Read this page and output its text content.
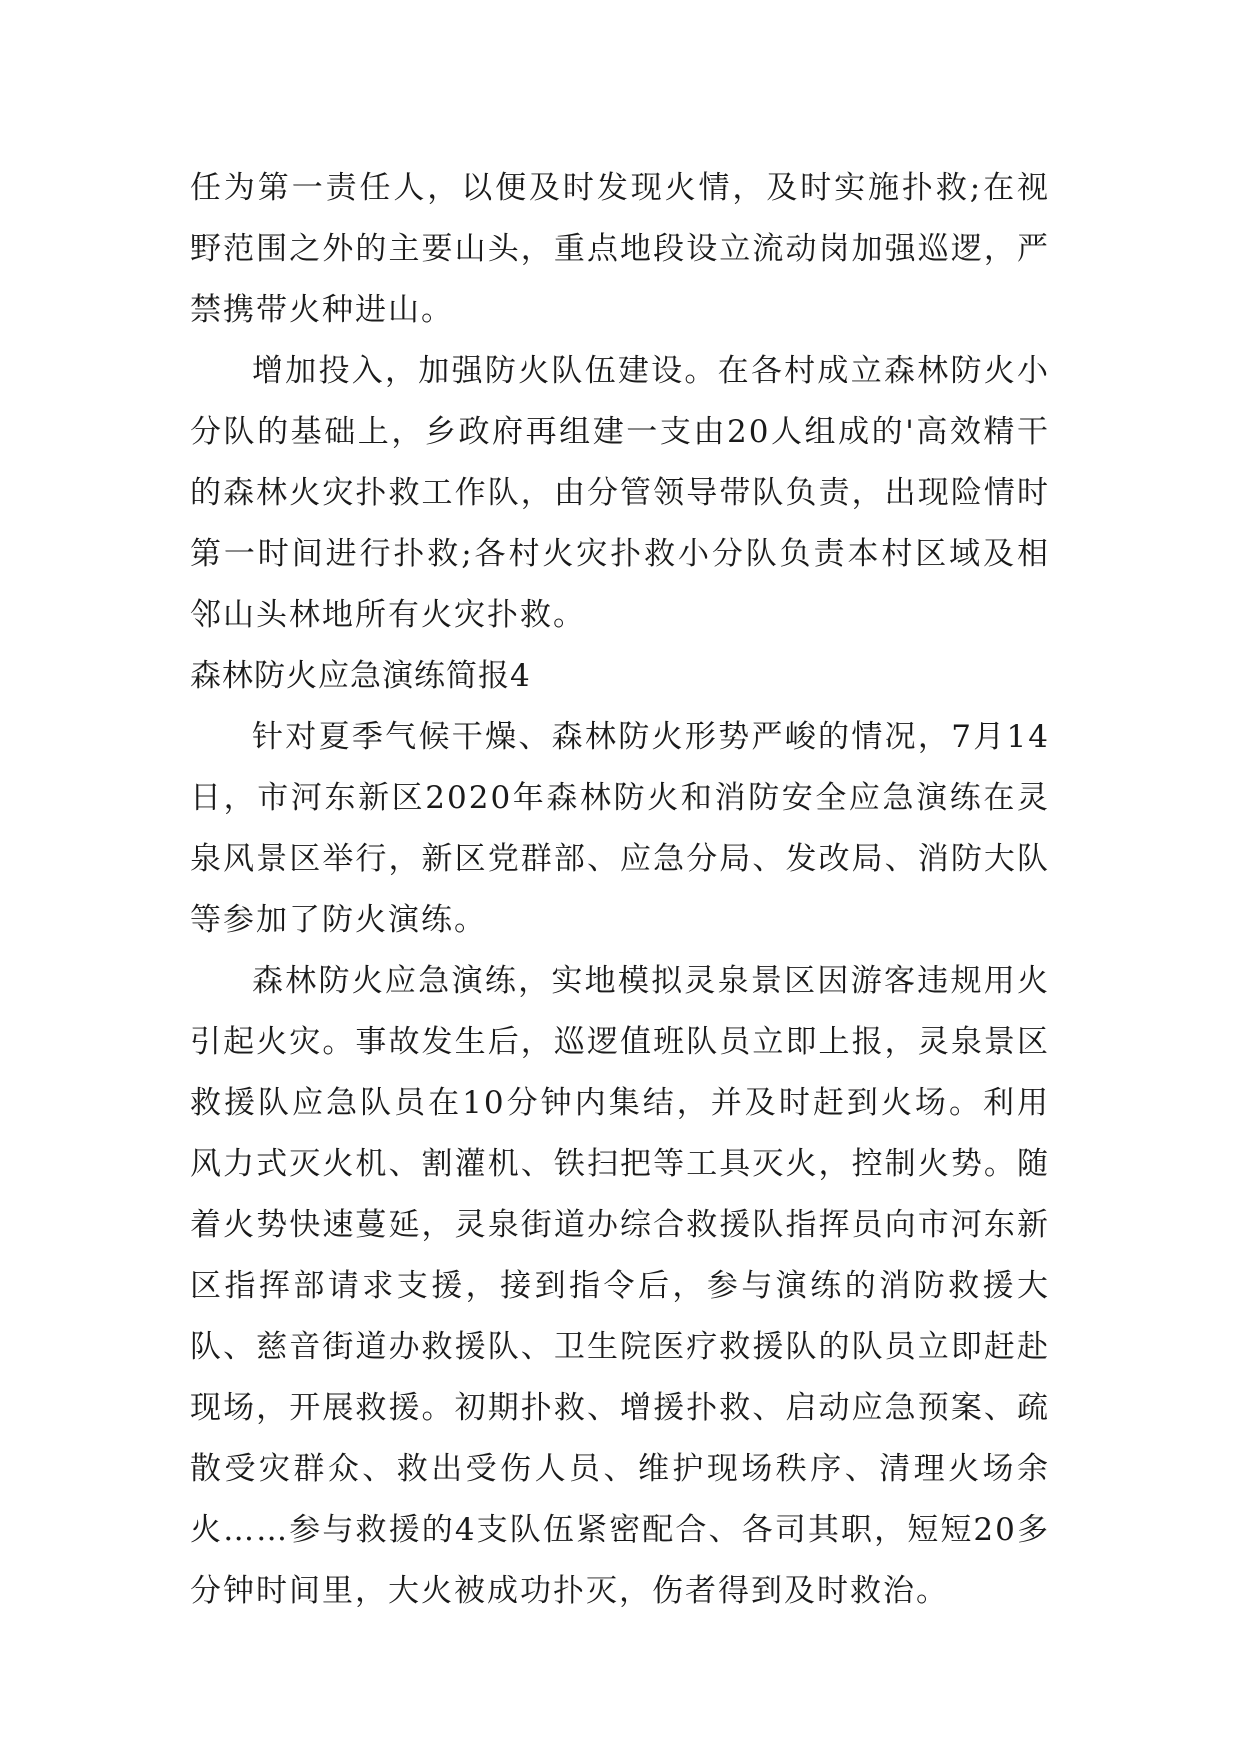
任为第一责任人，以便及时发现火情，及时实施扑救;在视野范围之外的主要山头，重点地段设立流动岗加强巡逻，严禁携带火种进山。

增加投入，加强防火队伍建设。在各村成立森林防火小分队的基础上，乡政府再组建一支由20人组成的'高效精干的森林火灾扑救工作队，由分管领导带队负责，出现险情时第一时间进行扑救;各村火灾扑救小分队负责本村区域及相邻山头林地所有火灾扑救。

森林防火应急演练简报4

针对夏季气候干燥、森林防火形势严峻的情况，7月14日，市河东新区2020年森林防火和消防安全应急演练在灵泉风景区举行，新区党群部、应急分局、发改局、消防大队等参加了防火演练。

森林防火应急演练，实地模拟灵泉景区因游客违规用火引起火灾。事故发生后，巡逻值班队员立即上报，灵泉景区救援队应急队员在10分钟内集结，并及时赶到火场。利用风力式灭火机、割灌机、铁扫把等工具灭火，控制火势。随着火势快速蔓延，灵泉街道办综合救援队指挥员向市河东新区指挥部请求支援，接到指令后，参与演练的消防救援大队、慈音街道办救援队、卫生院医疗救援队的队员立即赶赴现场，开展救援。初期扑救、增援扑救、启动应急预案、疏散受灾群众、救出受伤人员、维护现场秩序、清理火场余火……参与救援的4支队伍紧密配合、各司其职，短短20多分钟时间里，大火被成功扑灭，伤者得到及时救治。
